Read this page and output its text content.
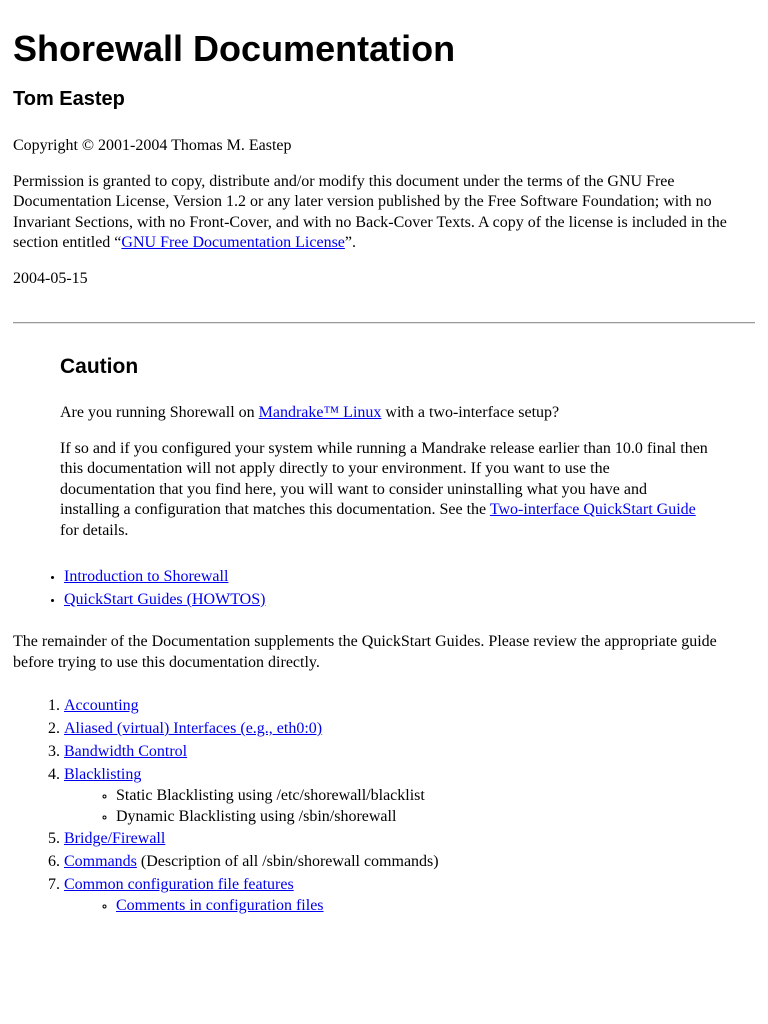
Shorewall Documentation
Tom Eastep

Copyright © 2001-2004 Thomas M. Eastep

Permission is granted to copy, distribute and/or modify this document under the terms of the GNU Free Documentation License, Version 1.2 or any later version published by the Free Software Foundation; with no Invariant Sections, with no Front-Cover, and with no Back-Cover Texts. A copy of the license is included in the section entitled “GNU Free Documentation License”.

2004-05-15

Caution

Are you running Shorewall on Mandrake™ Linux with a two-interface setup?

If so and if you configured your system while running a Mandrake release earlier than 10.0 final then this documentation will not apply directly to your environment. If you want to use the documentation that you find here, you will want to consider uninstalling what you have and installing a configuration that matches this documentation. See the Two-interface QuickStart Guide for details.

• Introduction to Shorewall
• QuickStart Guides (HOWTOS)

The remainder of the Documentation supplements the QuickStart Guides. Please review the appropriate guide before trying to use this documentation directly.

1. Accounting
2. Aliased (virtual) Interfaces (e.g., eth0:0)
3. Bandwidth Control
4. Blacklisting
◦ Static Blacklisting using /etc/shorewall/blacklist
◦ Dynamic Blacklisting using /sbin/shorewall
5. Bridge/Firewall
6. Commands (Description of all /sbin/shorewall commands)
7. Common configuration file features
◦ Comments in configuration files
